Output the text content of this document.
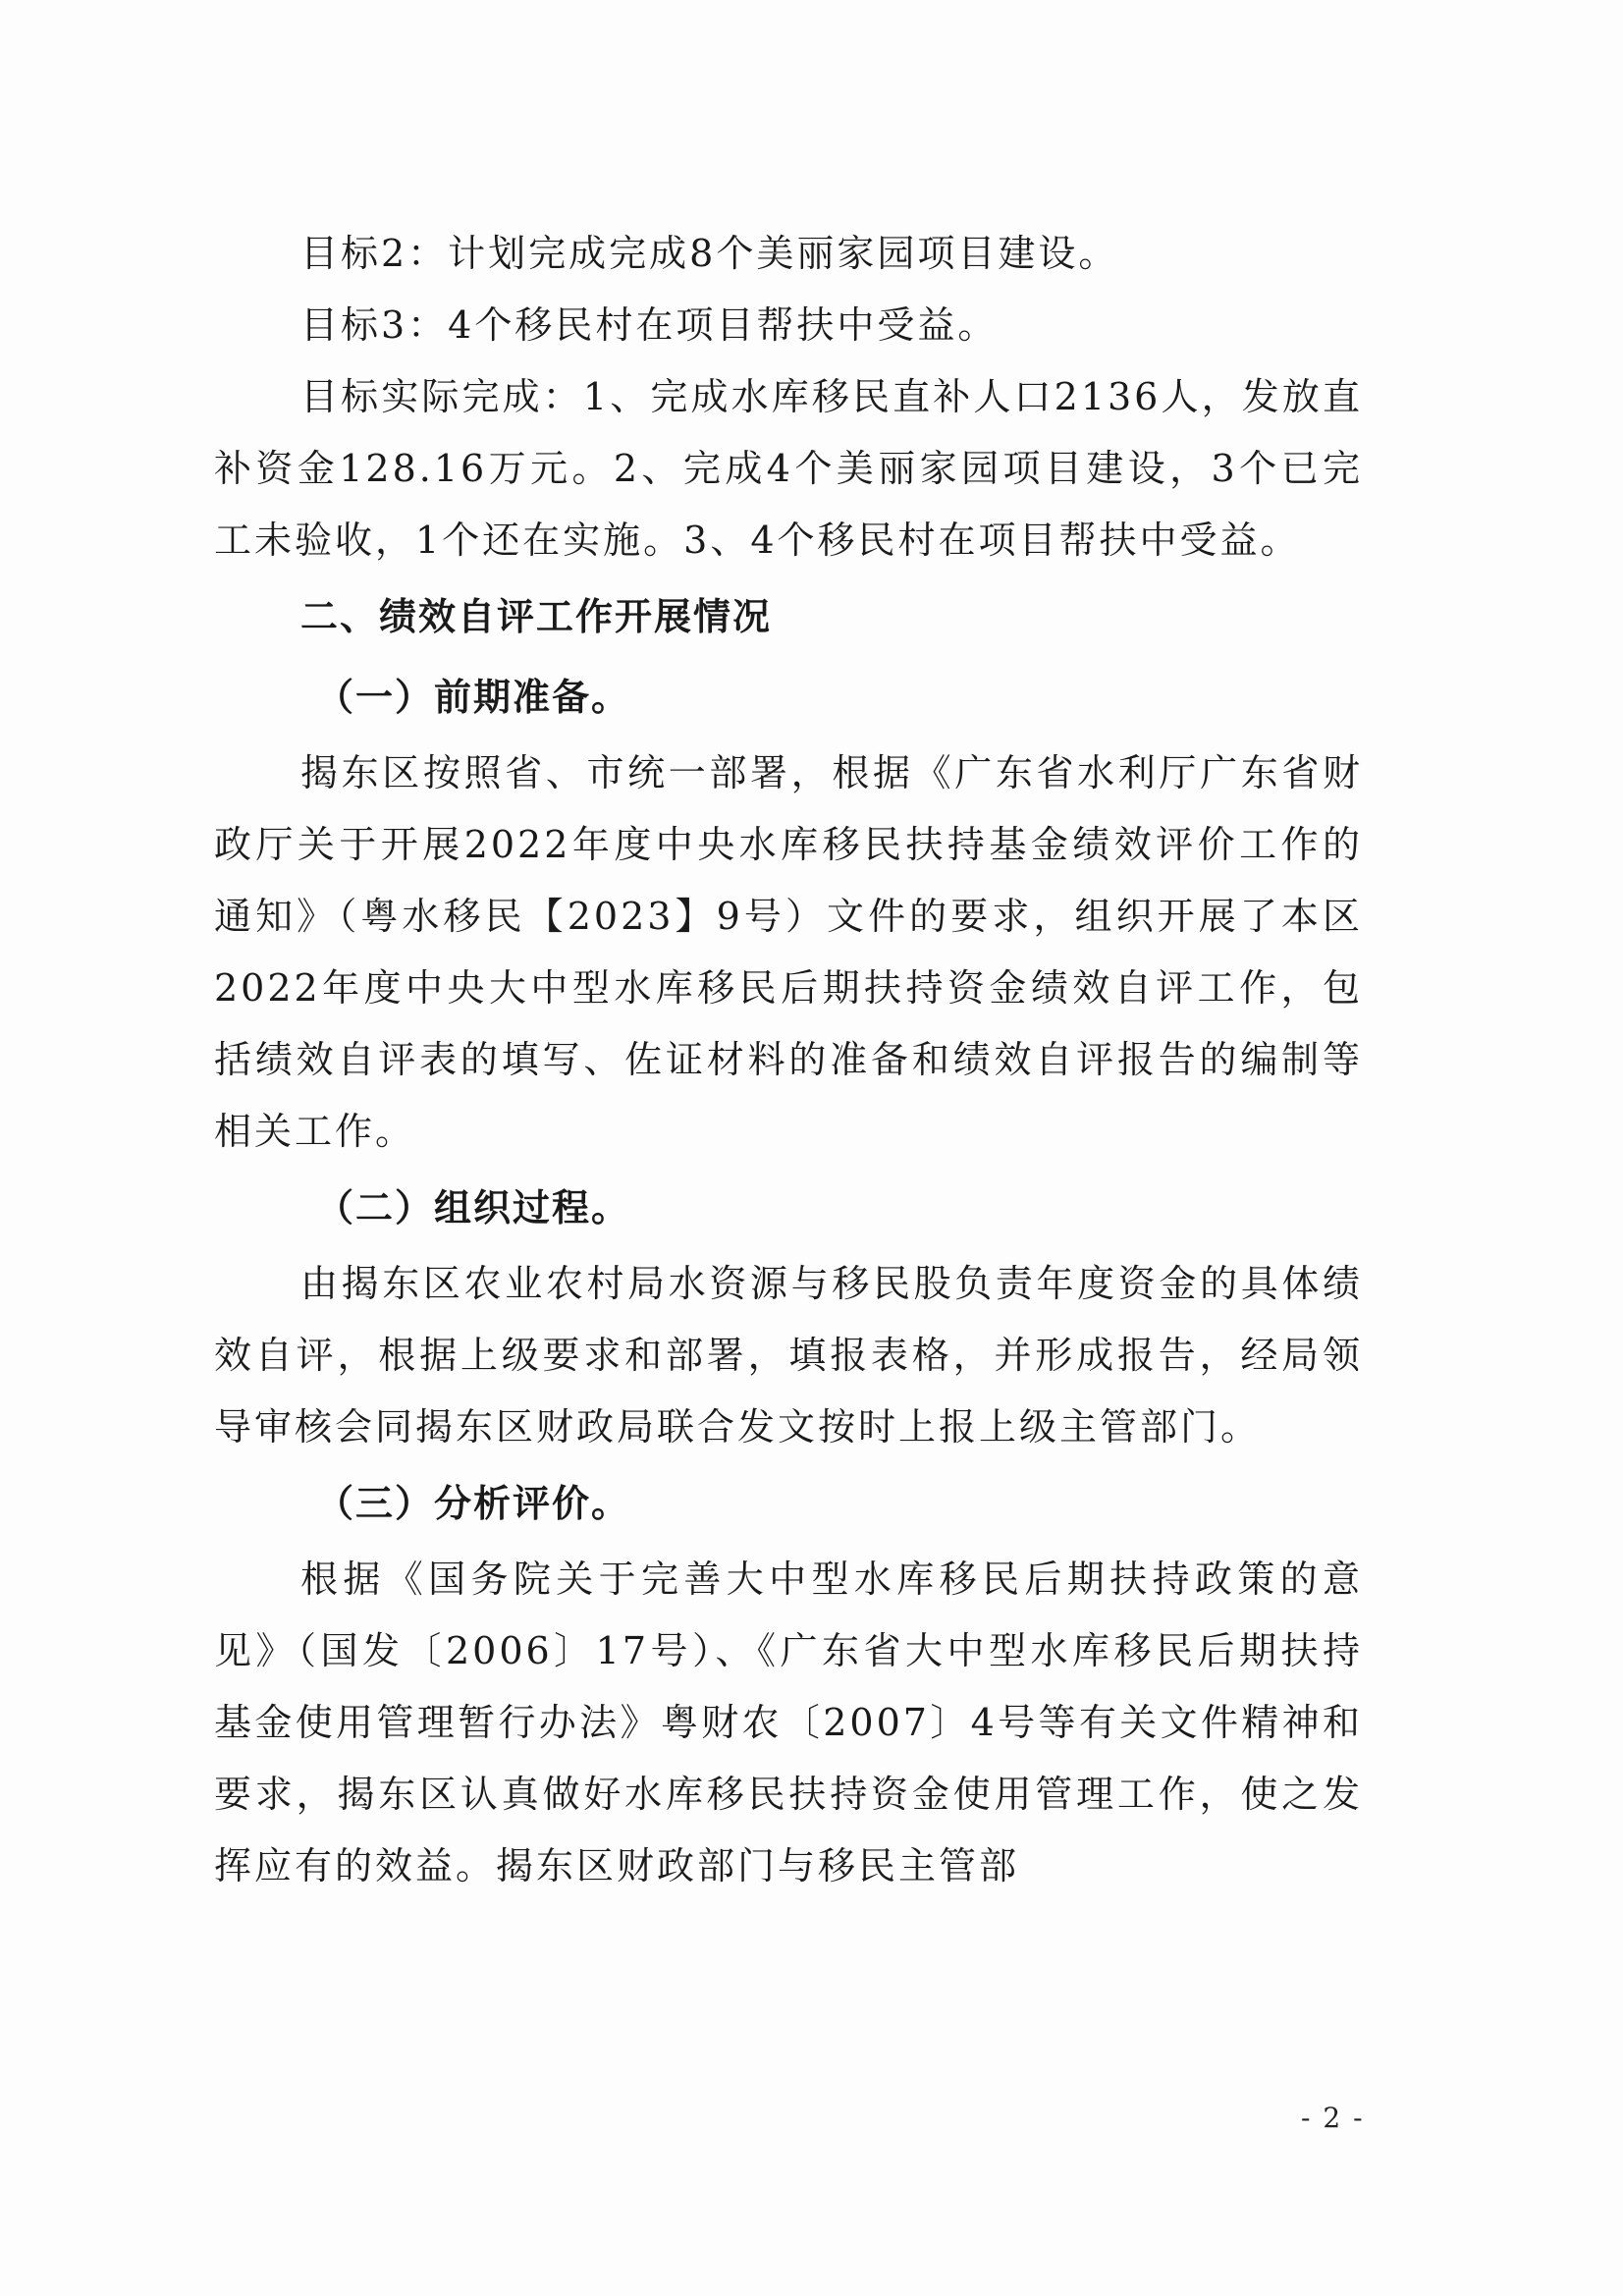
目标2：计划完成完成8个美丽家园项目建设。

目标3：4个移民村在项目帮扶中受益。

目标实际完成：1、完成水库移民直补人口2136人，发放直补资金128.16万元。2、完成4个美丽家园项目建设，3个已完工未验收，1个还在实施。3、4个移民村在项目帮扶中受益。

二、绩效自评工作开展情况
（一）前期准备。

揭东区按照省、市统一部署，根据《广东省水利厅广东省财政厅关于开展2022年度中央水库移民扶持基金绩效评价工作的通知》（粤水移民【2023】9号）文件的要求，组织开展了本区2022年度中央大中型水库移民后期扶持资金绩效自评工作，包括绩效自评表的填写、佐证材料的准备和绩效自评报告的编制等相关工作。

（二）组织过程。

由揭东区农业农村局水资源与移民股负责年度资金的具体绩效自评，根据上级要求和部署，填报表格，并形成报告，经局领导审核会同揭东区财政局联合发文按时上报上级主管部门。

（三）分析评价。

根据《国务院关于完善大中型水库移民后期扶持政策的意见》（国发〔2006〕17号）、《广东省大中型水库移民后期扶持基金使用管理暂行办法》粤财农〔2007〕4号等有关文件精神和要求，揭东区认真做好水库移民扶持资金使用管理工作，使之发挥应有的效益。揭东区财政部门与移民主管部

- 2 -
